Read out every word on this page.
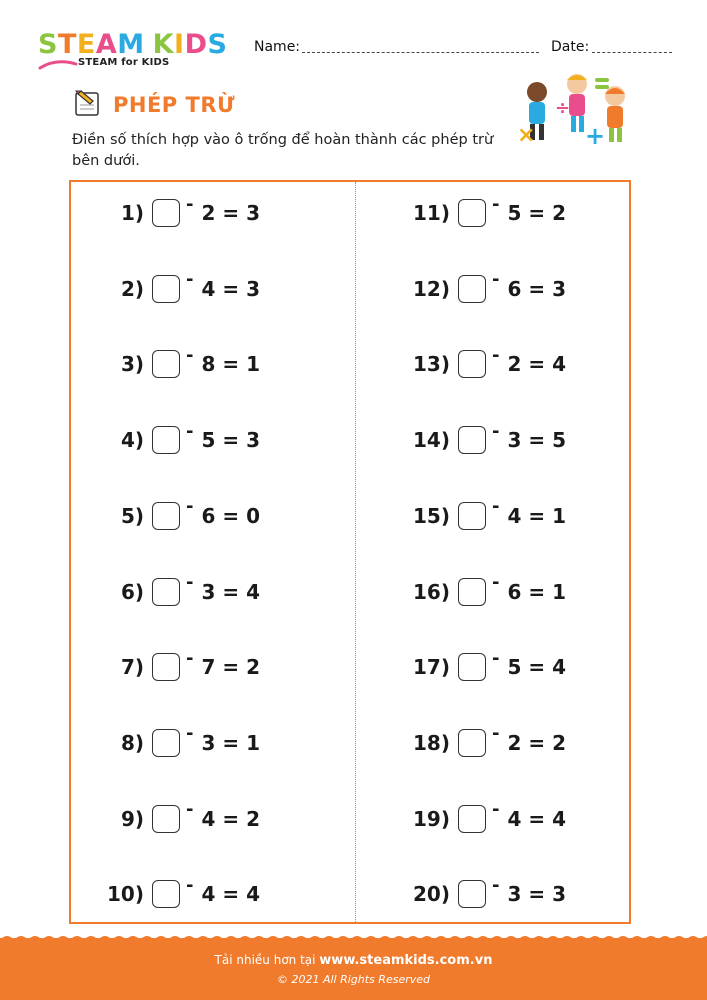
STEAM KIDS
STEAM for KIDS
Name:	Date:
PHÉP TRỪ
Điền số thích hợp vào ô trống để hoàn thành các phép trừ bên dưới.
× +
÷
1) - 2 = 3
2) - 4 = 3
3) - 8 = 1
4) - 5 = 3
5) - 6 = 0
6) - 3 = 4
7) - 7 = 2
8) - 3 = 1
9) - 4 = 2
10) - 4 = 4
11) - 5 = 2
12) - 6 = 3
13) - 2 = 4
14) - 3 = 5
15) - 4 = 1
16) - 6 = 1
17) - 5 = 4
18) - 2 = 2
19) - 4 = 4
20) - 3 = 3
Tải nhiều hơn tại www.steamkids.com.vn
© 2021 All Rights Reserved
